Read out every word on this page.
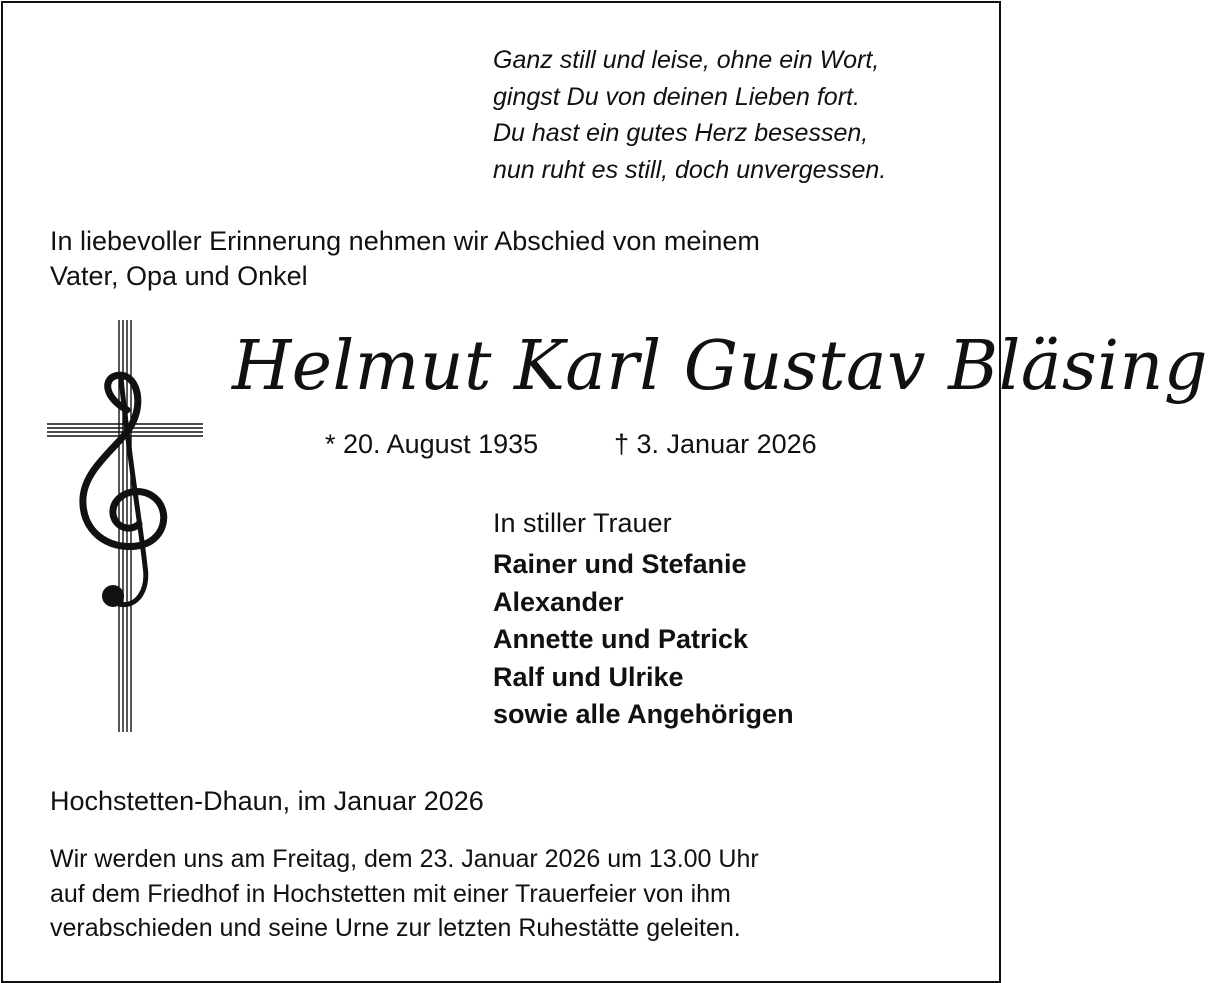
Ganz still und leise, ohne ein Wort,
gingst Du von deinen Lieben fort.
Du hast ein gutes Herz besessen,
nun ruht es still, doch unvergessen.
In liebevoller Erinnerung nehmen wir Abschied von meinem
Vater, Opa und Onkel
Helmut Karl Gustav Bläsing
* 20. August 1935	† 3. Januar 2026
In stiller Trauer
Rainer und Stefanie
Alexander
Annette und Patrick
Ralf und Ulrike
sowie alle Angehörigen
Hochstetten-Dhaun, im Januar 2026
Wir werden uns am Freitag, dem 23. Januar 2026 um 13.00 Uhr
auf dem Friedhof in Hochstetten mit einer Trauerfeier von ihm
verabschieden und seine Urne zur letzten Ruhestätte geleiten.
